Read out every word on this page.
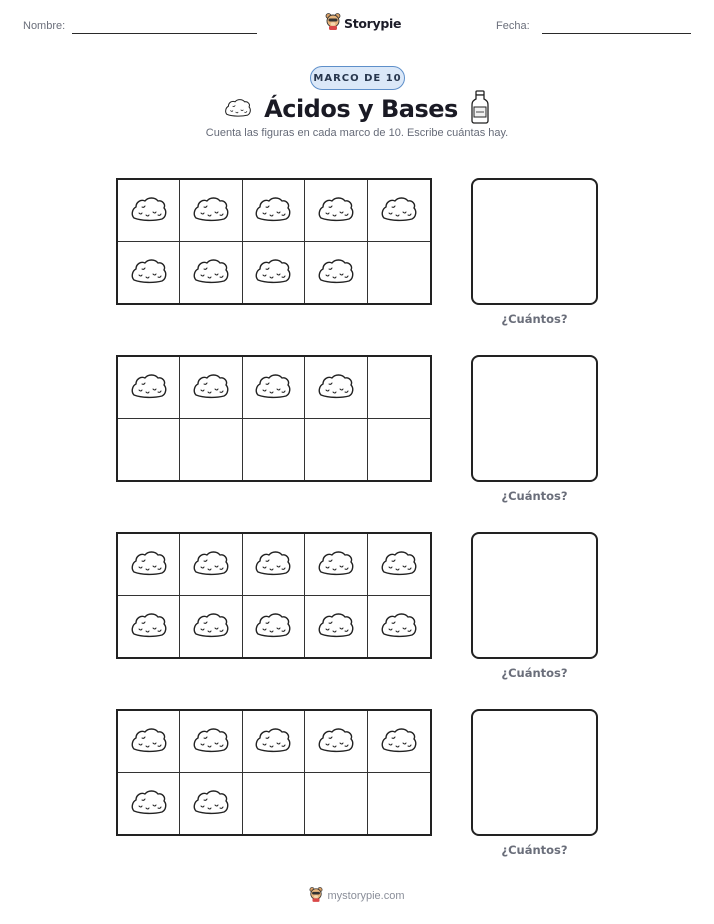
Nombre:	Storypie	Fecha:
MARCO DE 10
Ácidos y Bases
Cuenta las figuras en cada marco de 10. Escribe cuántas hay.
¿Cuántos?
¿Cuántos?
¿Cuántos?
¿Cuántos?
mystorypie.com
